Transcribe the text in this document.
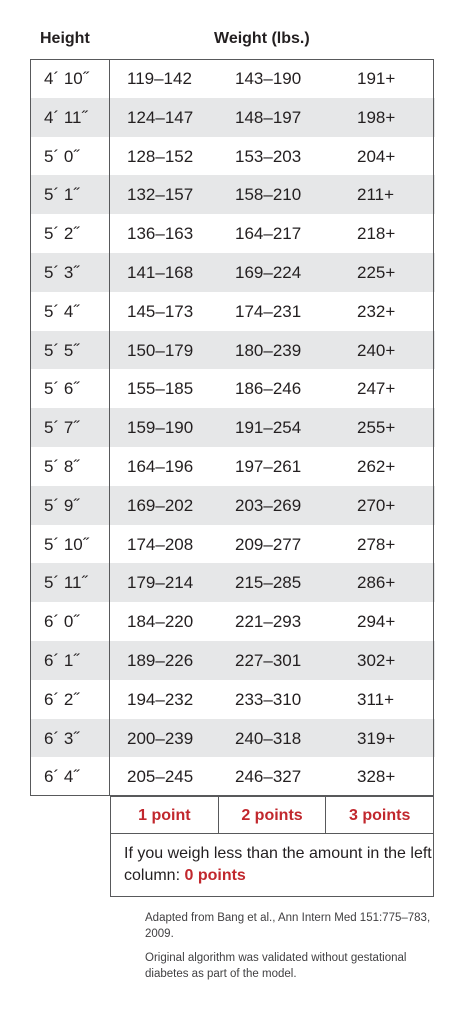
Height	Weight (lbs.)
4´ 10˝ 119–142	143–190	191+
4´ 11˝ 124–147 148–197	198+
5´ 0˝	128–152 153–203	204+
5´ 1˝	132–157 158–210	211+
5´ 2˝	136–163 164–217	218+
5´ 3˝	141–168 169–224	225+
5´ 4˝	145–173 174–231	232+
5´ 5˝	150–179 180–239	240+
5´ 6˝	155–185 186–246	247+
5´ 7˝	159–190 191–254	255+
5´ 8˝	164–196 197–261	262+
5´ 9˝	169–202 203–269	270+
5´ 10˝ 174–208 209–277	278+
5´ 11˝ 179–214 215–285	286+
6´ 0˝	184–220 221–293	294+
6´ 1˝	189–226 227–301	302+
6´ 2˝	194–232 233–310	311+
6´ 3˝	200–239 240–318	319+
6´ 4˝	205–245 246–327	328+
1 point	2 points	3 points
If you weigh less than the amount in the left column: 0 points
Adapted from Bang et al., Ann Intern Med 151:775–783, 2009.
Original algorithm was validated without gestational diabetes as part of the model.
